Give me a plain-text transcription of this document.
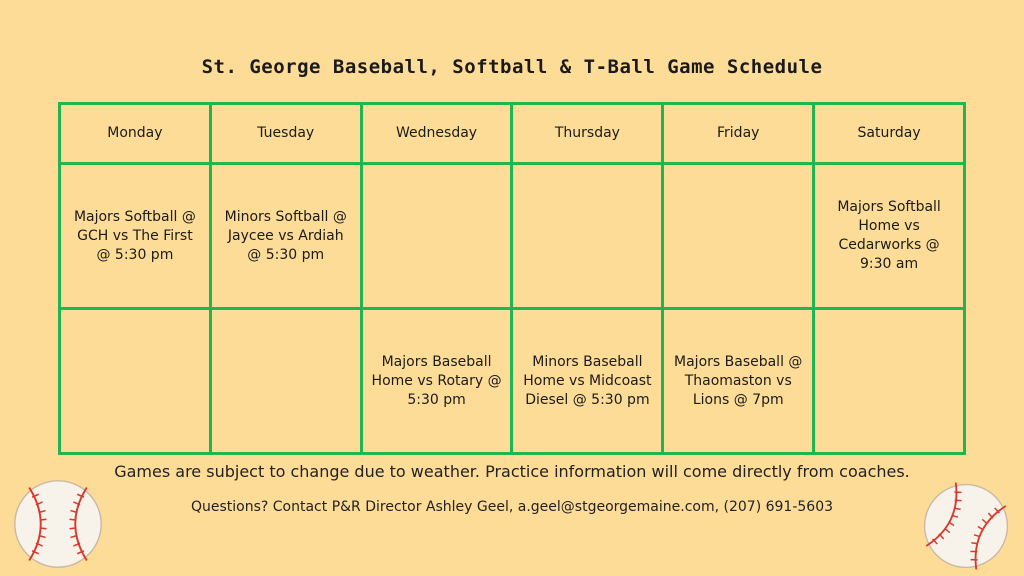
St. George Baseball, Softball & T-Ball Game Schedule
Monday	Tuesday	Wednesday	Thursday	Friday	Saturday
Majors Softball @ GCH vs The First @ 5:30 pm	Minors Softball @ Jaycee vs Ardiah @ 5:30 pm				Majors Softball Home vs Cedarworks @ 9:30 am
		Majors Baseball Home vs Rotary @ 5:30 pm	Minors Baseball Home vs Midcoast Diesel @ 5:30 pm	Majors Baseball @ Thaomaston vs Lions @ 7pm	
Games are subject to change due to weather. Practice information will come directly from coaches.
Questions? Contact P&R Director Ashley Geel, a.geel@stgeorgemaine.com, (207) 691-5603
